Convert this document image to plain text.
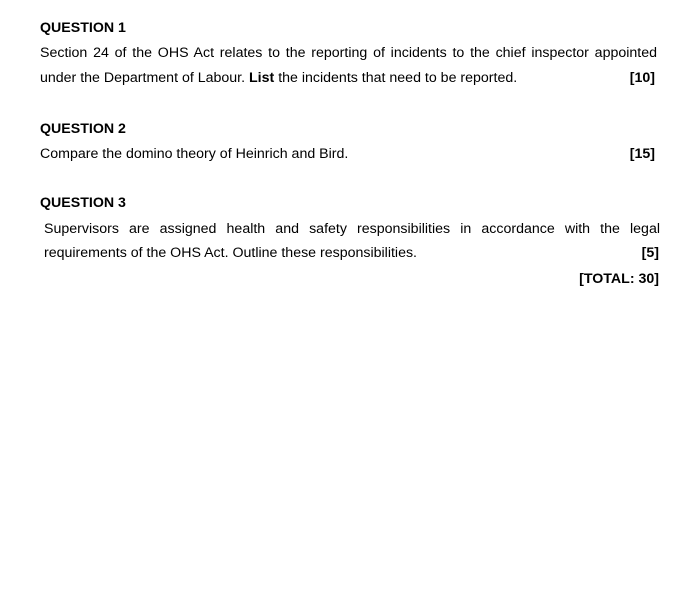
QUESTION 1
Section 24 of the OHS Act relates to the reporting of incidents to the chief inspector appointed
under the Department of Labour. List the incidents that need to be reported.	[10]
QUESTION 2
Compare the domino theory of Heinrich and Bird.	[15]
QUESTION 3
Supervisors are assigned health and safety responsibilities in accordance with the legal
requirements of the OHS Act. Outline these responsibilities.	[5]
[TOTAL: 30]
